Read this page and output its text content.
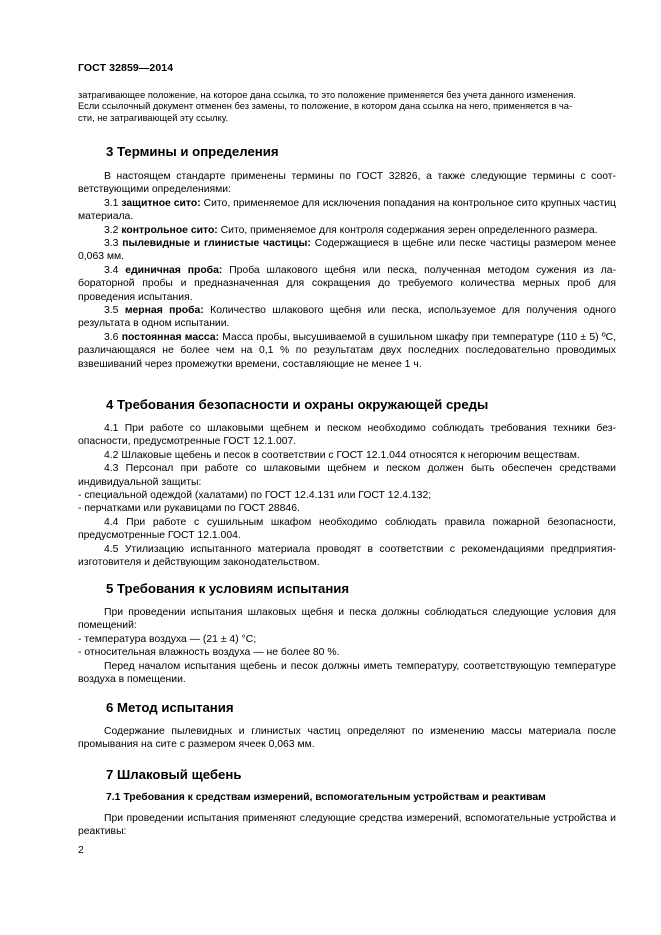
ГОСТ 32859—2014

затрагивающее положение, на которое дана ссылка, то это положение применяется без учета данного изменения.

Если ссылочный документ отменен без замены, то положение, в котором дана ссылка на него, применяется в ча-

сти, не затрагивающей эту ссылку.

3 Термины и определения

В настоящем стандарте применены термины по ГОСТ 32826, а также следующие термины с соответствующими определениями:

3.1 защитное сито: Сито, применяемое для исключения попадания на контрольное сито крупных частиц материала.

3.2 контрольное сито: Сито, применяемое для контроля содержания зерен определенного размера.

3.3 пылевидные и глинистые частицы: Содержащиеся в щебне или песке частицы размером менее 0,063 мм.

3.4 единичная проба: Проба шлакового щебня или песка, полученная методом сужения из лабораторной пробы и предназначенная для сокращения до требуемого количества мерных проб для проведения испытания.

3.5 мерная проба: Количество шлакового щебня или песка, используемое для получения одного результата в одном испытании.

3.6 постоянная масса: Масса пробы, высушиваемой в сушильном шкафу при температуре (110 ± 5) ºС, различающаяся не более чем на 0,1 % по результатам двух последних последовательно проводимых взвешиваний через промежутки времени, составляющие не менее 1 ч.

4 Требования безопасности и охраны окружающей среды

4.1 При работе со шлаковыми щебнем и песком необходимо соблюдать требования техники безопасности, предусмотренные ГОСТ 12.1.007.

4.2 Шлаковые щебень и песок в соответствии с ГОСТ 12.1.044 относятся к негорючим веществам.

4.3 Персонал при работе со шлаковыми щебнем и песком должен быть обеспечен средствами индивидуальной защиты:

- специальной одеждой (халатами) по ГОСТ 12.4.131 или ГОСТ 12.4.132;

- перчатками или рукавицами по ГОСТ 28846.

4.4 При работе с сушильным шкафом необходимо соблюдать правила пожарной безопасности, предусмотренные ГОСТ 12.1.004.

4.5 Утилизацию испытанного материала проводят в соответствии с рекомендациями предприятия-изготовителя и действующим законодательством.

5 Требования к условиям испытания

При проведении испытания шлаковых щебня и песка должны соблюдаться следующие условия для помещений:

- температура воздуха — (21 ± 4) °С;

- относительная влажность воздуха — не более 80 %.

Перед началом испытания щебень и песок должны иметь температуру, соответствующую температуре воздуха в помещении.

6 Метод испытания

Содержание пылевидных и глинистых частиц определяют по изменению массы материала после промывания на сите с размером ячеек 0,063 мм.

7 Шлаковый щебень
7.1 Требования к средствам измерений, вспомогательным устройствам и реактивам

При проведении испытания применяют следующие средства измерений, вспомогательные устройства и реактивы:

2
